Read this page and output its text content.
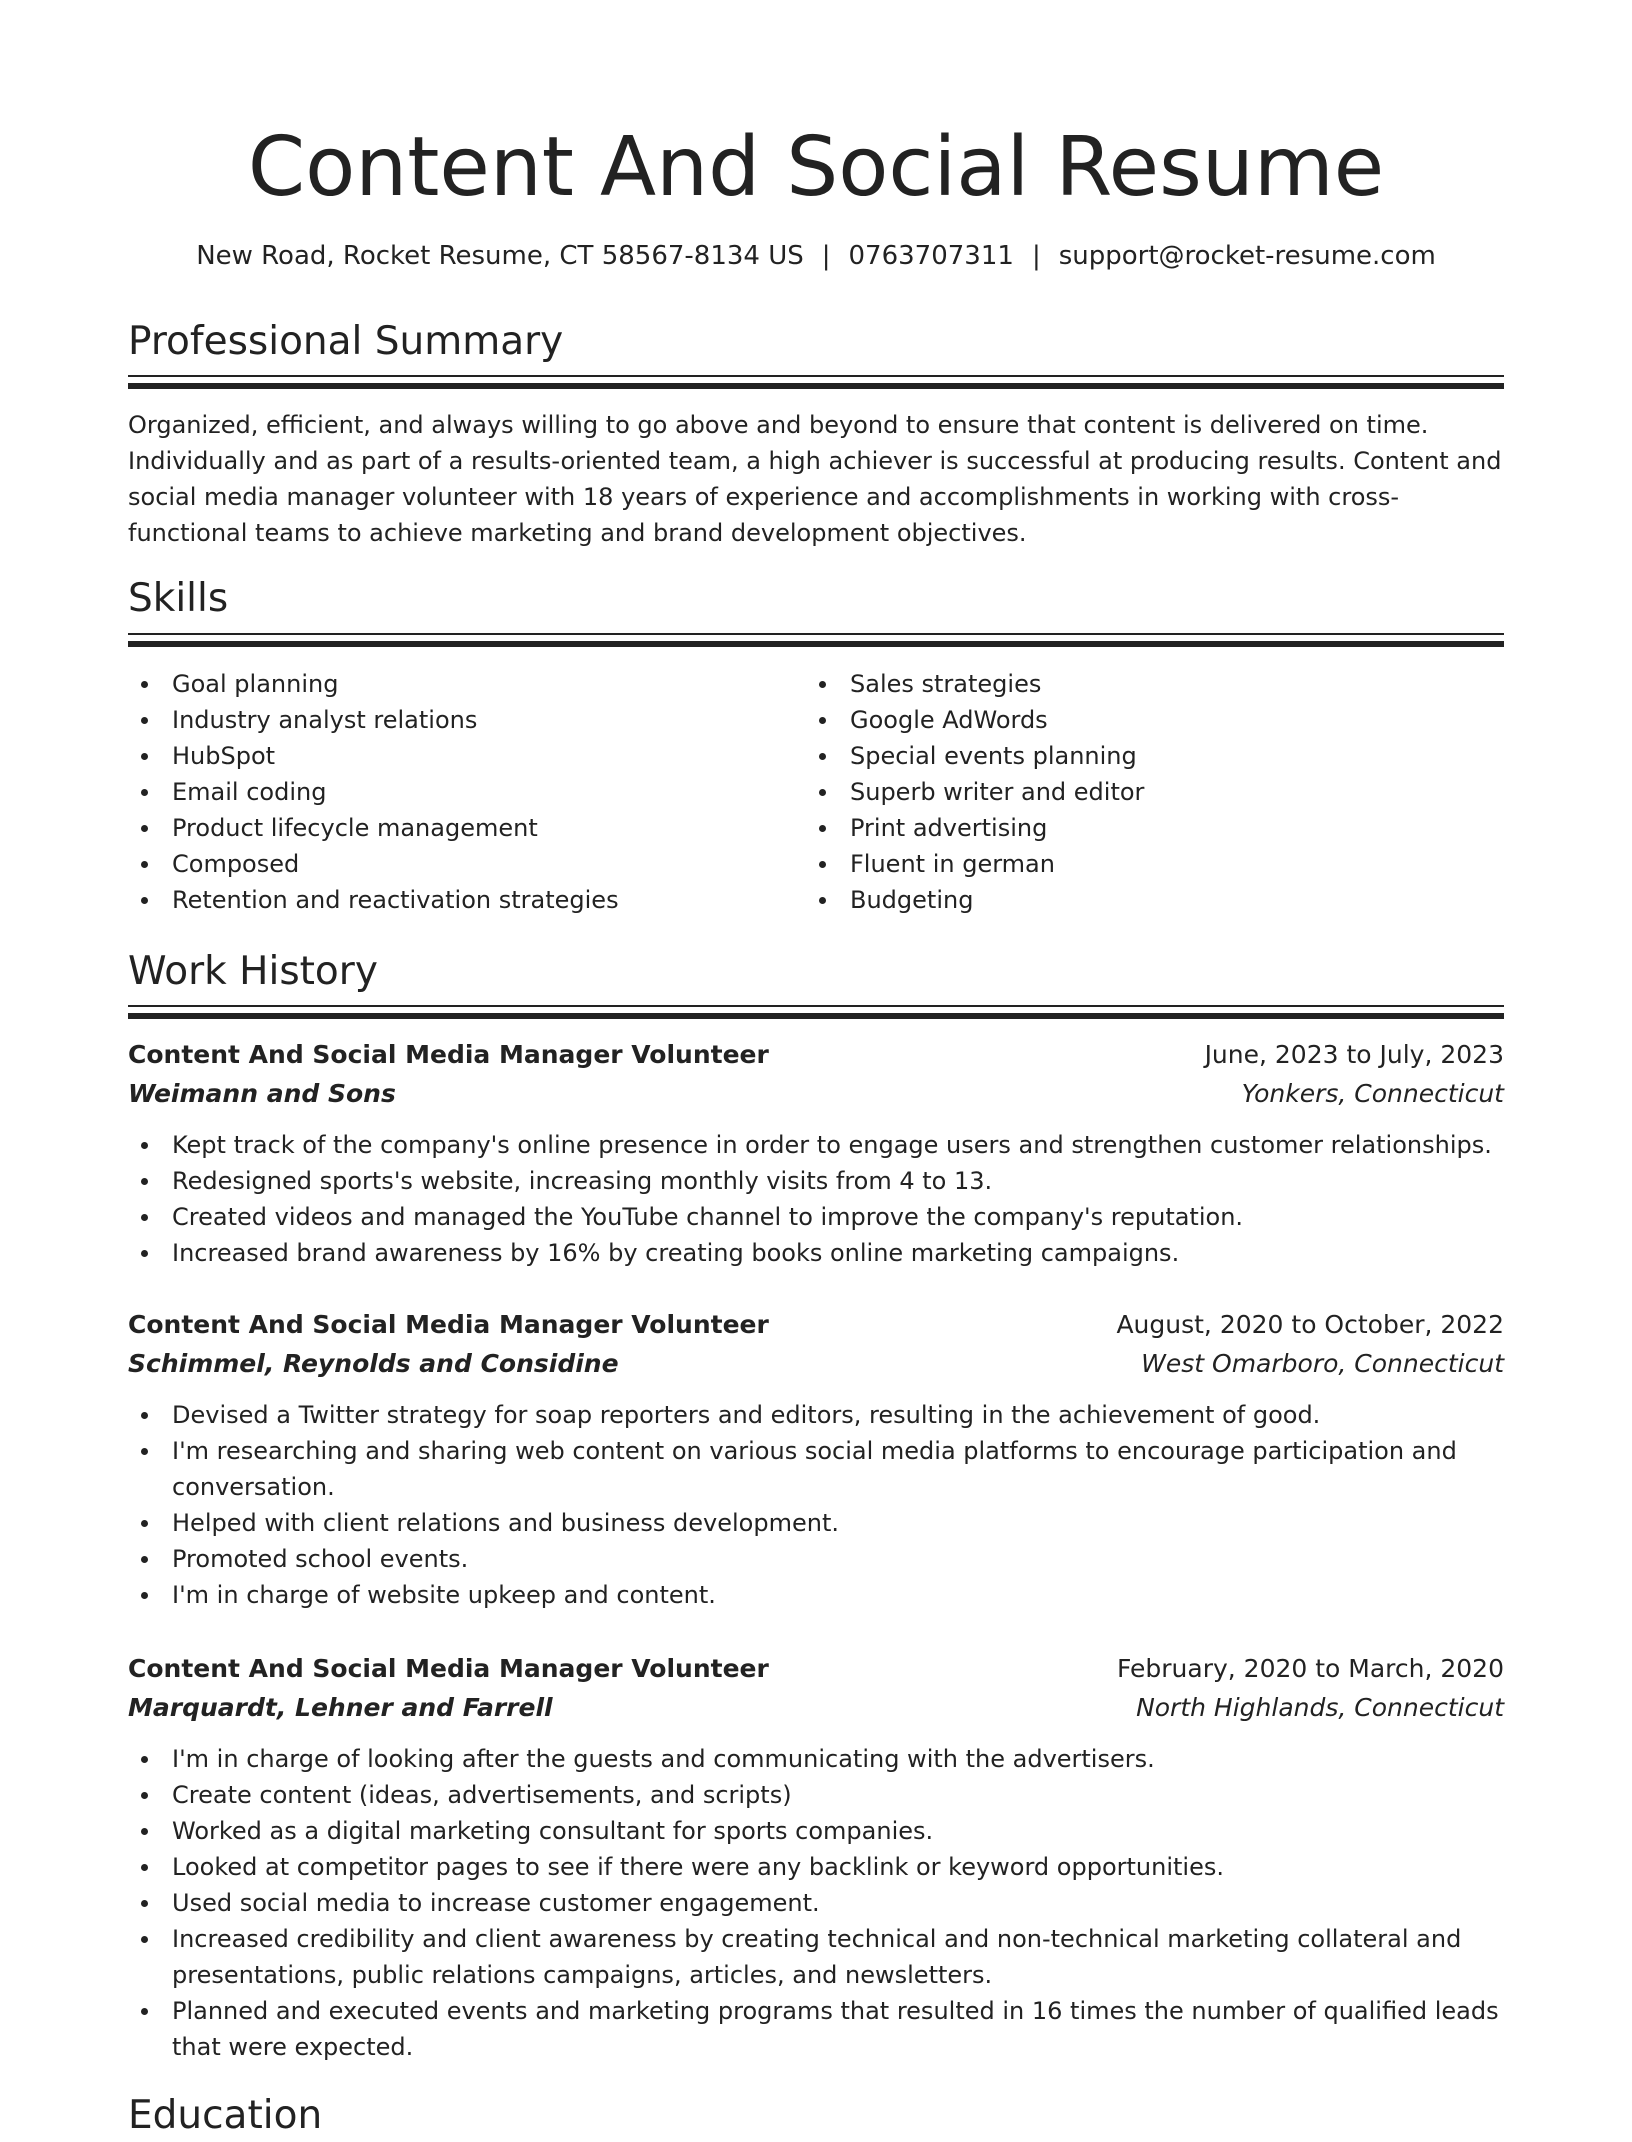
Content And Social Resume
New Road, Rocket Resume, CT 58567-8134 US | 0763707311 | support@rocket-resume.com
Professional Summary

Organized, efficient, and always willing to go above and beyond to ensure that content is delivered on time. Individually and as part of a results-oriented team, a high achiever is successful at producing results. Content and social media manager volunteer with 18 years of experience and accomplishments in working with cross-functional teams to achieve marketing and brand development objectives.

Skills
Goal planning
Industry analyst relations
HubSpot
Email coding
Product lifecycle management
Composed
Retention and reactivation strategies
Sales strategies
Google AdWords
Special events planning
Superb writer and editor
Print advertising
Fluent in german
Budgeting
Work History
Content And Social Media Manager Volunteer	June, 2023 to July, 2023
Weimann and Sons	Yonkers, Connecticut
Kept track of the company's online presence in order to engage users and strengthen customer relationships.
Redesigned sports's website, increasing monthly visits from 4 to 13.
Created videos and managed the YouTube channel to improve the company's reputation.
Increased brand awareness by 16% by creating books online marketing campaigns.
Content And Social Media Manager Volunteer	August, 2020 to October, 2022
Schimmel, Reynolds and Considine	West Omarboro, Connecticut
Devised a Twitter strategy for soap reporters and editors, resulting in the achievement of good.
I'm researching and sharing web content on various social media platforms to encourage participation and conversation.
Helped with client relations and business development.
Promoted school events.
I'm in charge of website upkeep and content.
Content And Social Media Manager Volunteer	February, 2020 to March, 2020
Marquardt, Lehner and Farrell	North Highlands, Connecticut
I'm in charge of looking after the guests and communicating with the advertisers.
Create content (ideas, advertisements, and scripts)
Worked as a digital marketing consultant for sports companies.
Looked at competitor pages to see if there were any backlink or keyword opportunities.
Used social media to increase customer engagement.
Increased credibility and client awareness by creating technical and non-technical marketing collateral and presentations, public relations campaigns, articles, and newsletters.
Planned and executed events and marketing programs that resulted in 16 times the number of qualified leads that were expected.
Education
